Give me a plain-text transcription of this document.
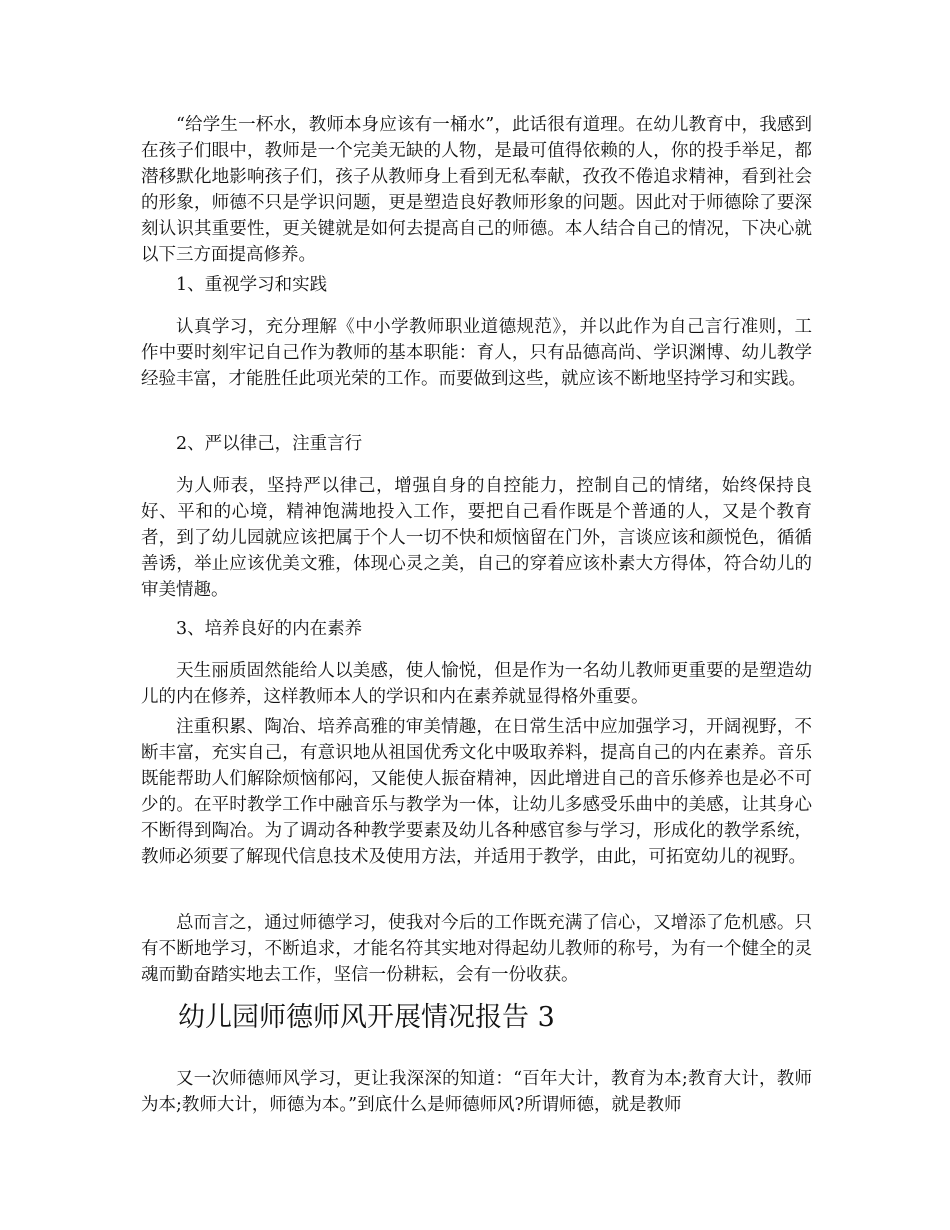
“给学生一杯水，教师本身应该有一桶水”，此话很有道理。在幼儿教育中，我感到在孩子们眼中，教师是一个完美无缺的人物，是最可值得依赖的人，你的投手举足，都潜移默化地影响孩子们，孩子从教师身上看到无私奉献，孜孜不倦追求精神，看到社会的形象，师德不只是学识问题，更是塑造良好教师形象的问题。因此对于师德除了要深刻认识其重要性，更关键就是如何去提高自己的师德。本人结合自己的情况，下决心就以下三方面提高修养。

1、重视学习和实践

认真学习，充分理解《中小学教师职业道德规范》，并以此作为自己言行准则，工作中要时刻牢记自己作为教师的基本职能：育人，只有品德高尚、学识渊博、幼儿教学经验丰富，才能胜任此项光荣的工作。而要做到这些，就应该不断地坚持学习和实践。

2、严以律己，注重言行

为人师表，坚持严以律己，增强自身的自控能力，控制自己的情绪，始终保持良好、平和的心境，精神饱满地投入工作，要把自己看作既是个普通的人，又是个教育者，到了幼儿园就应该把属于个人一切不快和烦恼留在门外，言谈应该和颜悦色，循循善诱，举止应该优美文雅，体现心灵之美，自己的穿着应该朴素大方得体，符合幼儿的审美情趣。

3、培养良好的内在素养

天生丽质固然能给人以美感，使人愉悦，但是作为一名幼儿教师更重要的是塑造幼儿的内在修养，这样教师本人的学识和内在素养就显得格外重要。

注重积累、陶冶、培养高雅的审美情趣，在日常生活中应加强学习，开阔视野，不断丰富，充实自己，有意识地从祖国优秀文化中吸取养料，提高自己的内在素养。音乐既能帮助人们解除烦恼郁闷，又能使人振奋精神，因此增进自己的音乐修养也是必不可少的。在平时教学工作中融音乐与教学为一体，让幼儿多感受乐曲中的美感，让其身心不断得到陶冶。为了调动各种教学要素及幼儿各种感官参与学习，形成化的教学系统，教师必须要了解现代信息技术及使用方法，并适用于教学，由此，可拓宽幼儿的视野。

总而言之，通过师德学习，使我对今后的工作既充满了信心，又增添了危机感。只有不断地学习，不断追求，才能名符其实地对得起幼儿教师的称号，为有一个健全的灵魂而勤奋踏实地去工作，坚信一份耕耘，会有一份收获。

幼儿园师德师风开展情况报告 3

又一次师德师风学习，更让我深深的知道：“百年大计，教育为本;教育大计，教师为本;教师大计，师德为本。”到底什么是师德师风?所谓师德，就是教师
